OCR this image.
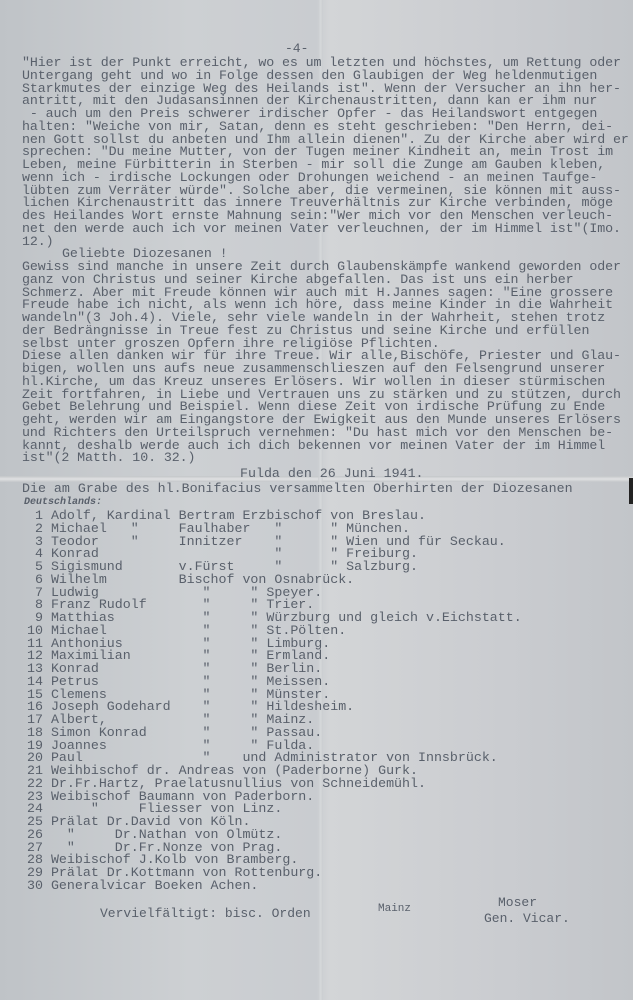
-4-
"Hier ist der Punkt erreicht, wo es um letzten und höchstes, um Rettung oder
Untergang geht und wo in Folge dessen den Glaubigen der Weg heldenmutigen
Starkmutes der einzige Weg des Heilands ist". Wenn der Versucher an ihn her-
antritt, mit den Judasansinnen der Kirchenaustritten, dann kan er ihm nur
- auch um den Preis schwerer irdischer Opfer - das Heilandswort entgegen
halten: "Weiche von mir, Satan, denn es steht geschrieben: "Den Herrn, dei-
nen Gott sollst du anbeten und Ihm allein dienen". Zu der Kirche aber wird er
sprechen: "Du meine Mutter, von der Tugen meiner Kindheit an, mein Trost im
Leben, meine Fürbitterin in Sterben - mir soll die Zunge am Gauben kleben,
wenn ich - irdische Lockungen oder Drohungen weichend - an meinen Taufge-
lübten zum Verräter würde". Solche aber, die vermeinen, sie können mit auss-
lichen Kirchenaustritt das innere Treuverhältnis zur Kirche verbinden, möge
des Heilandes Wort ernste Mahnung sein:"Wer mich vor den Menschen verleuch-
net den werde auch ich vor meinen Vater verleuchnen, der im Himmel ist"(Imo.
12.)
Geliebte Diozesanen !
Gewiss sind manche in unsere Zeit durch Glaubenskämpfe wankend geworden oder
ganz von Christus und seiner Kirche abgefallen. Das ist uns ein herber
Schmerz. Aber mit Freude können wir auch mit H.Jannes sagen: "Eine grossere
Freude habe ich nicht, als wenn ich höre, dass meine Kinder in die Wahrheit
wandeln"(3 Joh.4). Viele, sehr viele wandeln in der Wahrheit, stehen trotz
der Bedrängnisse in Treue fest zu Christus und seine Kirche und erfüllen
selbst unter groszen Opfern ihre religiöse Pflichten.
Diese allen danken wir für ihre Treue. Wir alle,Bischöfe, Priester und Glau-
bigen, wollen uns aufs neue zusammenschlieszen auf den Felsengrund unserer
hl.Kirche, um das Kreuz unseres Erlösers. Wir wollen in dieser stürmischen
Zeit fortfahren, in Liebe und Vertrauen uns zu stärken und zu stützen, durch
Gebet Belehrung und Beispiel. Wenn diese Zeit von irdische Prüfung zu Ende
geht, werden wir am Eingangstore der Ewigkeit aus den Munde unseres Erlösers
und Richters den Urteilspruch vernehmen: "Du hast mich vor den Menschen be-
kannt, deshalb werde auch ich dich bekennen vor meinen Vater der im Himmel
ist"(2 Matth. 10. 32.)
Fulda den 26 Juni 1941.
Die am Grabe des hl.Bonifacius versammelten Oberhirten der Diozesanen
Deutschlands:
1 Adolf, Kardinal Bertram Erzbischof von Breslau.
2 Michael   "     Faulhaber   "      " München.
3 Teodor    "     Innitzer    "      " Wien und für Seckau.
4 Konrad                      "      " Freiburg.
5 Sigismund       v.Fürst     "      " Salzburg.
6 Wilhelm         Bischof von Osnabrück.
7 Ludwig             "     " Speyer.
8 Franz Rudolf       "     " Trier.
9 Matthias           "     " Würzburg und gleich v.Eichstatt.
10 Michael            "     " St.Pölten.
11 Anthonius          "     " Limburg.
12 Maximilian         "     " Ermland.
13 Konrad             "     " Berlin.
14 Petrus             "     " Meissen.
15 Clemens            "     " Münster.
16 Joseph Godehard    "     " Hildesheim.
17 Albert,            "     " Mainz.
18 Simon Konrad       "     " Passau.
19 Joannes            "     " Fulda.
20 Paul               "    und Administrator von Innsbrück.
21 Weihbischof dr. Andreas von (Paderborne) Gurk.
22 Dr.Fr.Hartz, Praelatusnullius von Schneidemühl.
23 Weibischof Baumann von Paderborn.
24      "     Fliesser von Linz.
25 Prälat Dr.David von Köln.
26   "     Dr.Nathan von Olmütz.
27   "     Dr.Fr.Nonze von Prag.
28 Weibischof J.Kolb von Bramberg.
29 Prälat Dr.Kottmann von Rottenburg.
30 Generalvicar Boeken Achen.
Vervielfältigt: bisc. Orden	Mainz	Moser
Gen. Vicar.
